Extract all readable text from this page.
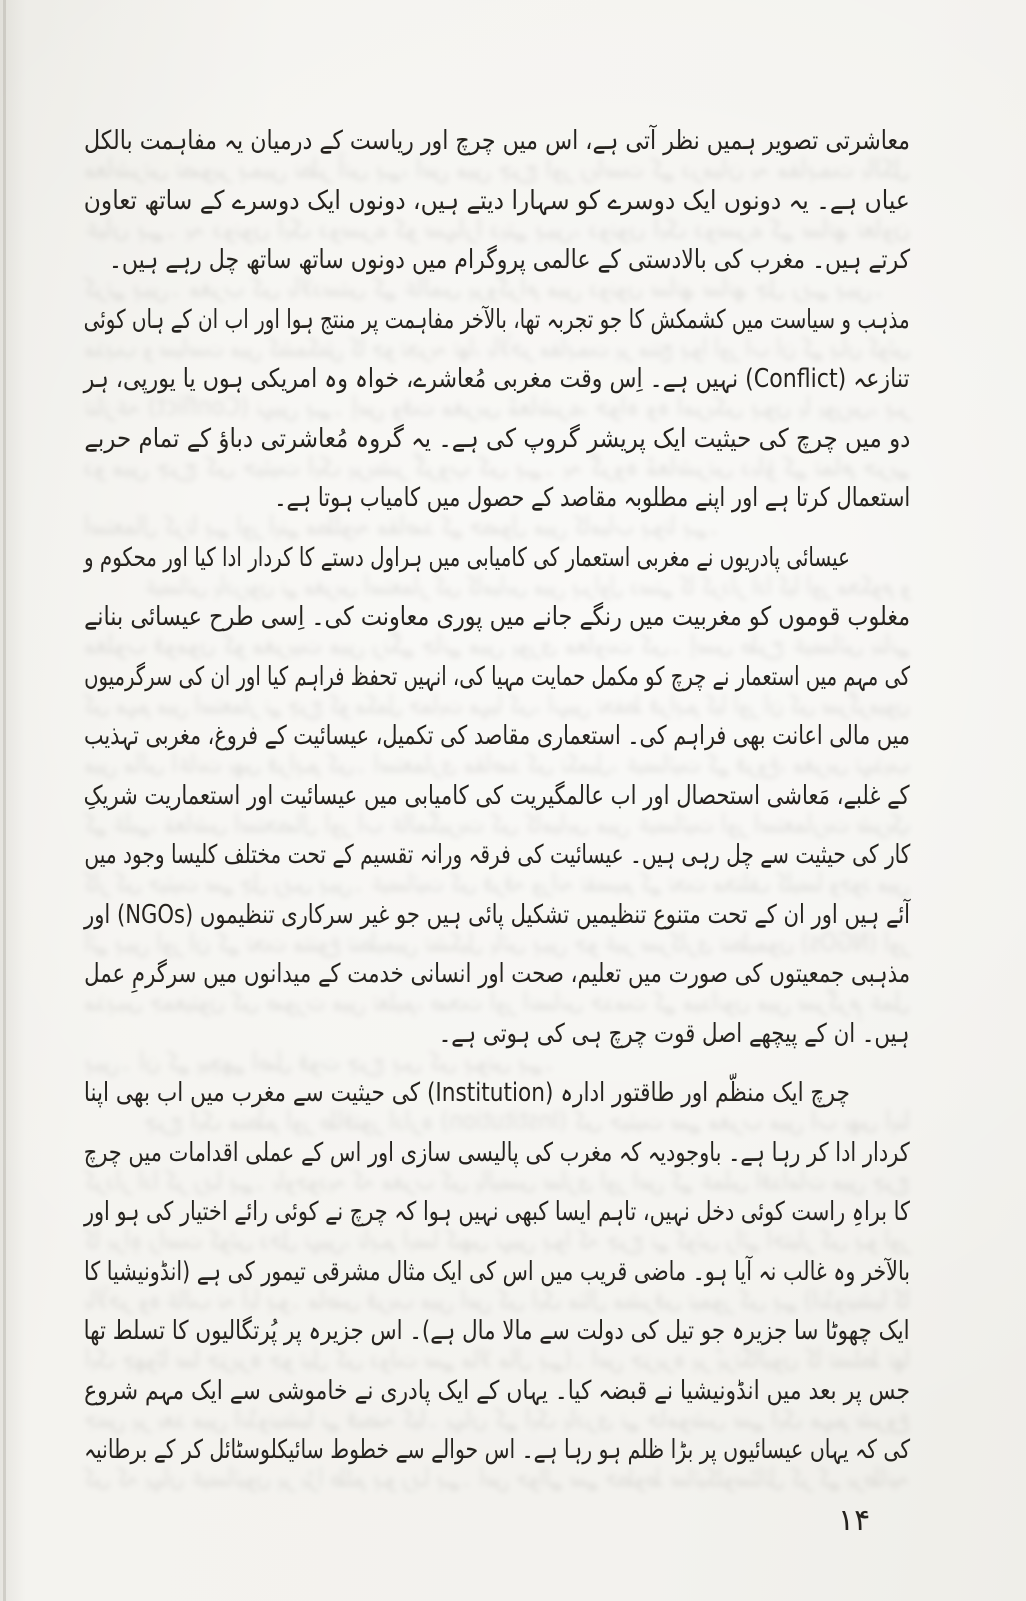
معاشرتی تصویر ہمیں نظر آتی ہے، اس میں چرچ اور ریاست کے درمیان یہ مفاہمت بالکل
عیاں ہے۔ یہ دونوں ایک دوسرے کو سہارا دیتے ہیں، دونوں ایک دوسرے کے ساتھ تعاون
کرتے ہیں۔ مغرب کی بالادستی کے عالمی پروگرام میں دونوں ساتھ ساتھ چل رہے ہیں۔
مذہب و سیاست میں کشمکش کا جو تجربہ تھا، بالآخر مفاہمت پر منتج ہوا اور اب ان کے ہاں کوئی
تنازعہ (Conflict) نہیں ہے۔ اِس وقت مغربی مُعاشرے، خواہ وہ امریکی ہوں یا یورپی، ہر
دو میں چرچ کی حیثیت ایک پریشر گروپ کی ہے۔ یہ گروہ مُعاشرتی دباؤ کے تمام حربے
استعمال کرتا ہے اور اپنے مطلوبہ مقاصد کے حصول میں کامیاب ہوتا ہے۔
عیسائی پادریوں نے مغربی استعمار کی کامیابی میں ہراول دستے کا کردار ادا کیا اور محکوم و
مغلوب قوموں کو مغربیت میں رنگے جانے میں پوری معاونت کی۔ اِسی طرح عیسائی بنانے
کی مہم میں استعمار نے چرچ کو مکمل حمایت مہیا کی، انہیں تحفظ فراہم کیا اور ان کی سرگرمیوں
میں مالی اعانت بھی فراہم کی۔ استعماری مقاصد کی تکمیل، عیسائیت کے فروغ، مغربی تہذیب
کے غلبے، مَعاشی استحصال اور اب عالمگیریت کی کامیابی میں عیسائیت اور استعماریت شریکِ
کار کی حیثیت سے چل رہی ہیں۔ عیسائیت کی فرقہ ورانہ تقسیم کے تحت مختلف کلیسا وجود میں
آئے ہیں اور ان کے تحت متنوع تنظیمیں تشکیل پائی ہیں جو غیر سرکاری تنظیموں (NGOs) اور
مذہبی جمعیتوں کی صورت میں تعلیم، صحت اور انسانی خدمت کے میدانوں میں سرگرمِ عمل
ہیں۔ ان کے پیچھے اصل قوت چرچ ہی کی ہوتی ہے۔
چرچ ایک منظّم اور طاقتور ادارہ (Institution) کی حیثیت سے مغرب میں اب بھی اپنا
کردار ادا کر رہا ہے۔ باوجودیہ کہ مغرب کی پالیسی سازی اور اس کے عملی اقدامات میں چرچ
کا براہِ راست کوئی دخل نہیں، تاہم ایسا کبھی نہیں ہوا کہ چرچ نے کوئی رائے اختیار کی ہو اور
بالآخر وہ غالب نہ آیا ہو۔ ماضی قریب میں اس کی ایک مثال مشرقی تیمور کی ہے (انڈونیشیا کا
ایک چھوٹا سا جزیرہ جو تیل کی دولت سے مالا مال ہے)۔ اس جزیرہ پر پُرتگالیوں کا تسلط تھا
جس پر بعد میں انڈونیشیا نے قبضہ کیا۔ یہاں کے ایک پادری نے خاموشی سے ایک مہم شروع
کی کہ یہاں عیسائیوں پر بڑا ظلم ہو رہا ہے۔ اس حوالے سے خطوط سائیکلوسٹائل کر کے برطانیہ
معاشرتی تصویر ہمیں نظر آتی ہے، اس میں چرچ اور ریاست کے درمیان یہ مفاہمت بالکل
عیاں ہے۔ یہ دونوں ایک دوسرے کو سہارا دیتے ہیں، دونوں ایک دوسرے کے ساتھ تعاون
کرتے ہیں۔ مغرب کی بالادستی کے عالمی پروگرام میں دونوں ساتھ ساتھ چل رہے ہیں۔
مذہب و سیاست میں کشمکش کا جو تجربہ تھا، بالآخر مفاہمت پر منتج ہوا اور اب ان کے ہاں کوئی
تنازعہ (Conflict) نہیں ہے۔ اِس وقت مغربی مُعاشرے، خواہ وہ امریکی ہوں یا یورپی، ہر
دو میں چرچ کی حیثیت ایک پریشر گروپ کی ہے۔ یہ گروہ مُعاشرتی دباؤ کے تمام حربے
استعمال کرتا ہے اور اپنے مطلوبہ مقاصد کے حصول میں کامیاب ہوتا ہے۔
عیسائی پادریوں نے مغربی استعمار کی کامیابی میں ہراول دستے کا کردار ادا کیا اور محکوم و
مغلوب قوموں کو مغربیت میں رنگے جانے میں پوری معاونت کی۔ اِسی طرح عیسائی بنانے
کی مہم میں استعمار نے چرچ کو مکمل حمایت مہیا کی، انہیں تحفظ فراہم کیا اور ان کی سرگرمیوں
میں مالی اعانت بھی فراہم کی۔ استعماری مقاصد کی تکمیل، عیسائیت کے فروغ، مغربی تہذیب
کے غلبے، مَعاشی استحصال اور اب عالمگیریت کی کامیابی میں عیسائیت اور استعماریت شریکِ
کار کی حیثیت سے چل رہی ہیں۔ عیسائیت کی فرقہ ورانہ تقسیم کے تحت مختلف کلیسا وجود میں
آئے ہیں اور ان کے تحت متنوع تنظیمیں تشکیل پائی ہیں جو غیر سرکاری تنظیموں (NGOs) اور
مذہبی جمعیتوں کی صورت میں تعلیم، صحت اور انسانی خدمت کے میدانوں میں سرگرمِ عمل
ہیں۔ ان کے پیچھے اصل قوت چرچ ہی کی ہوتی ہے۔
چرچ ایک منظّم اور طاقتور ادارہ (Institution) کی حیثیت سے مغرب میں اب بھی اپنا
کردار ادا کر رہا ہے۔ باوجودیہ کہ مغرب کی پالیسی سازی اور اس کے عملی اقدامات میں چرچ
کا براہِ راست کوئی دخل نہیں، تاہم ایسا کبھی نہیں ہوا کہ چرچ نے کوئی رائے اختیار کی ہو اور
بالآخر وہ غالب نہ آیا ہو۔ ماضی قریب میں اس کی ایک مثال مشرقی تیمور کی ہے (انڈونیشیا کا
ایک چھوٹا سا جزیرہ جو تیل کی دولت سے مالا مال ہے)۔ اس جزیرہ پر پُرتگالیوں کا تسلط تھا
جس پر بعد میں انڈونیشیا نے قبضہ کیا۔ یہاں کے ایک پادری نے خاموشی سے ایک مہم شروع
کی کہ یہاں عیسائیوں پر بڑا ظلم ہو رہا ہے۔ اس حوالے سے خطوط سائیکلوسٹائل کر کے برطانیہ
۱۴
